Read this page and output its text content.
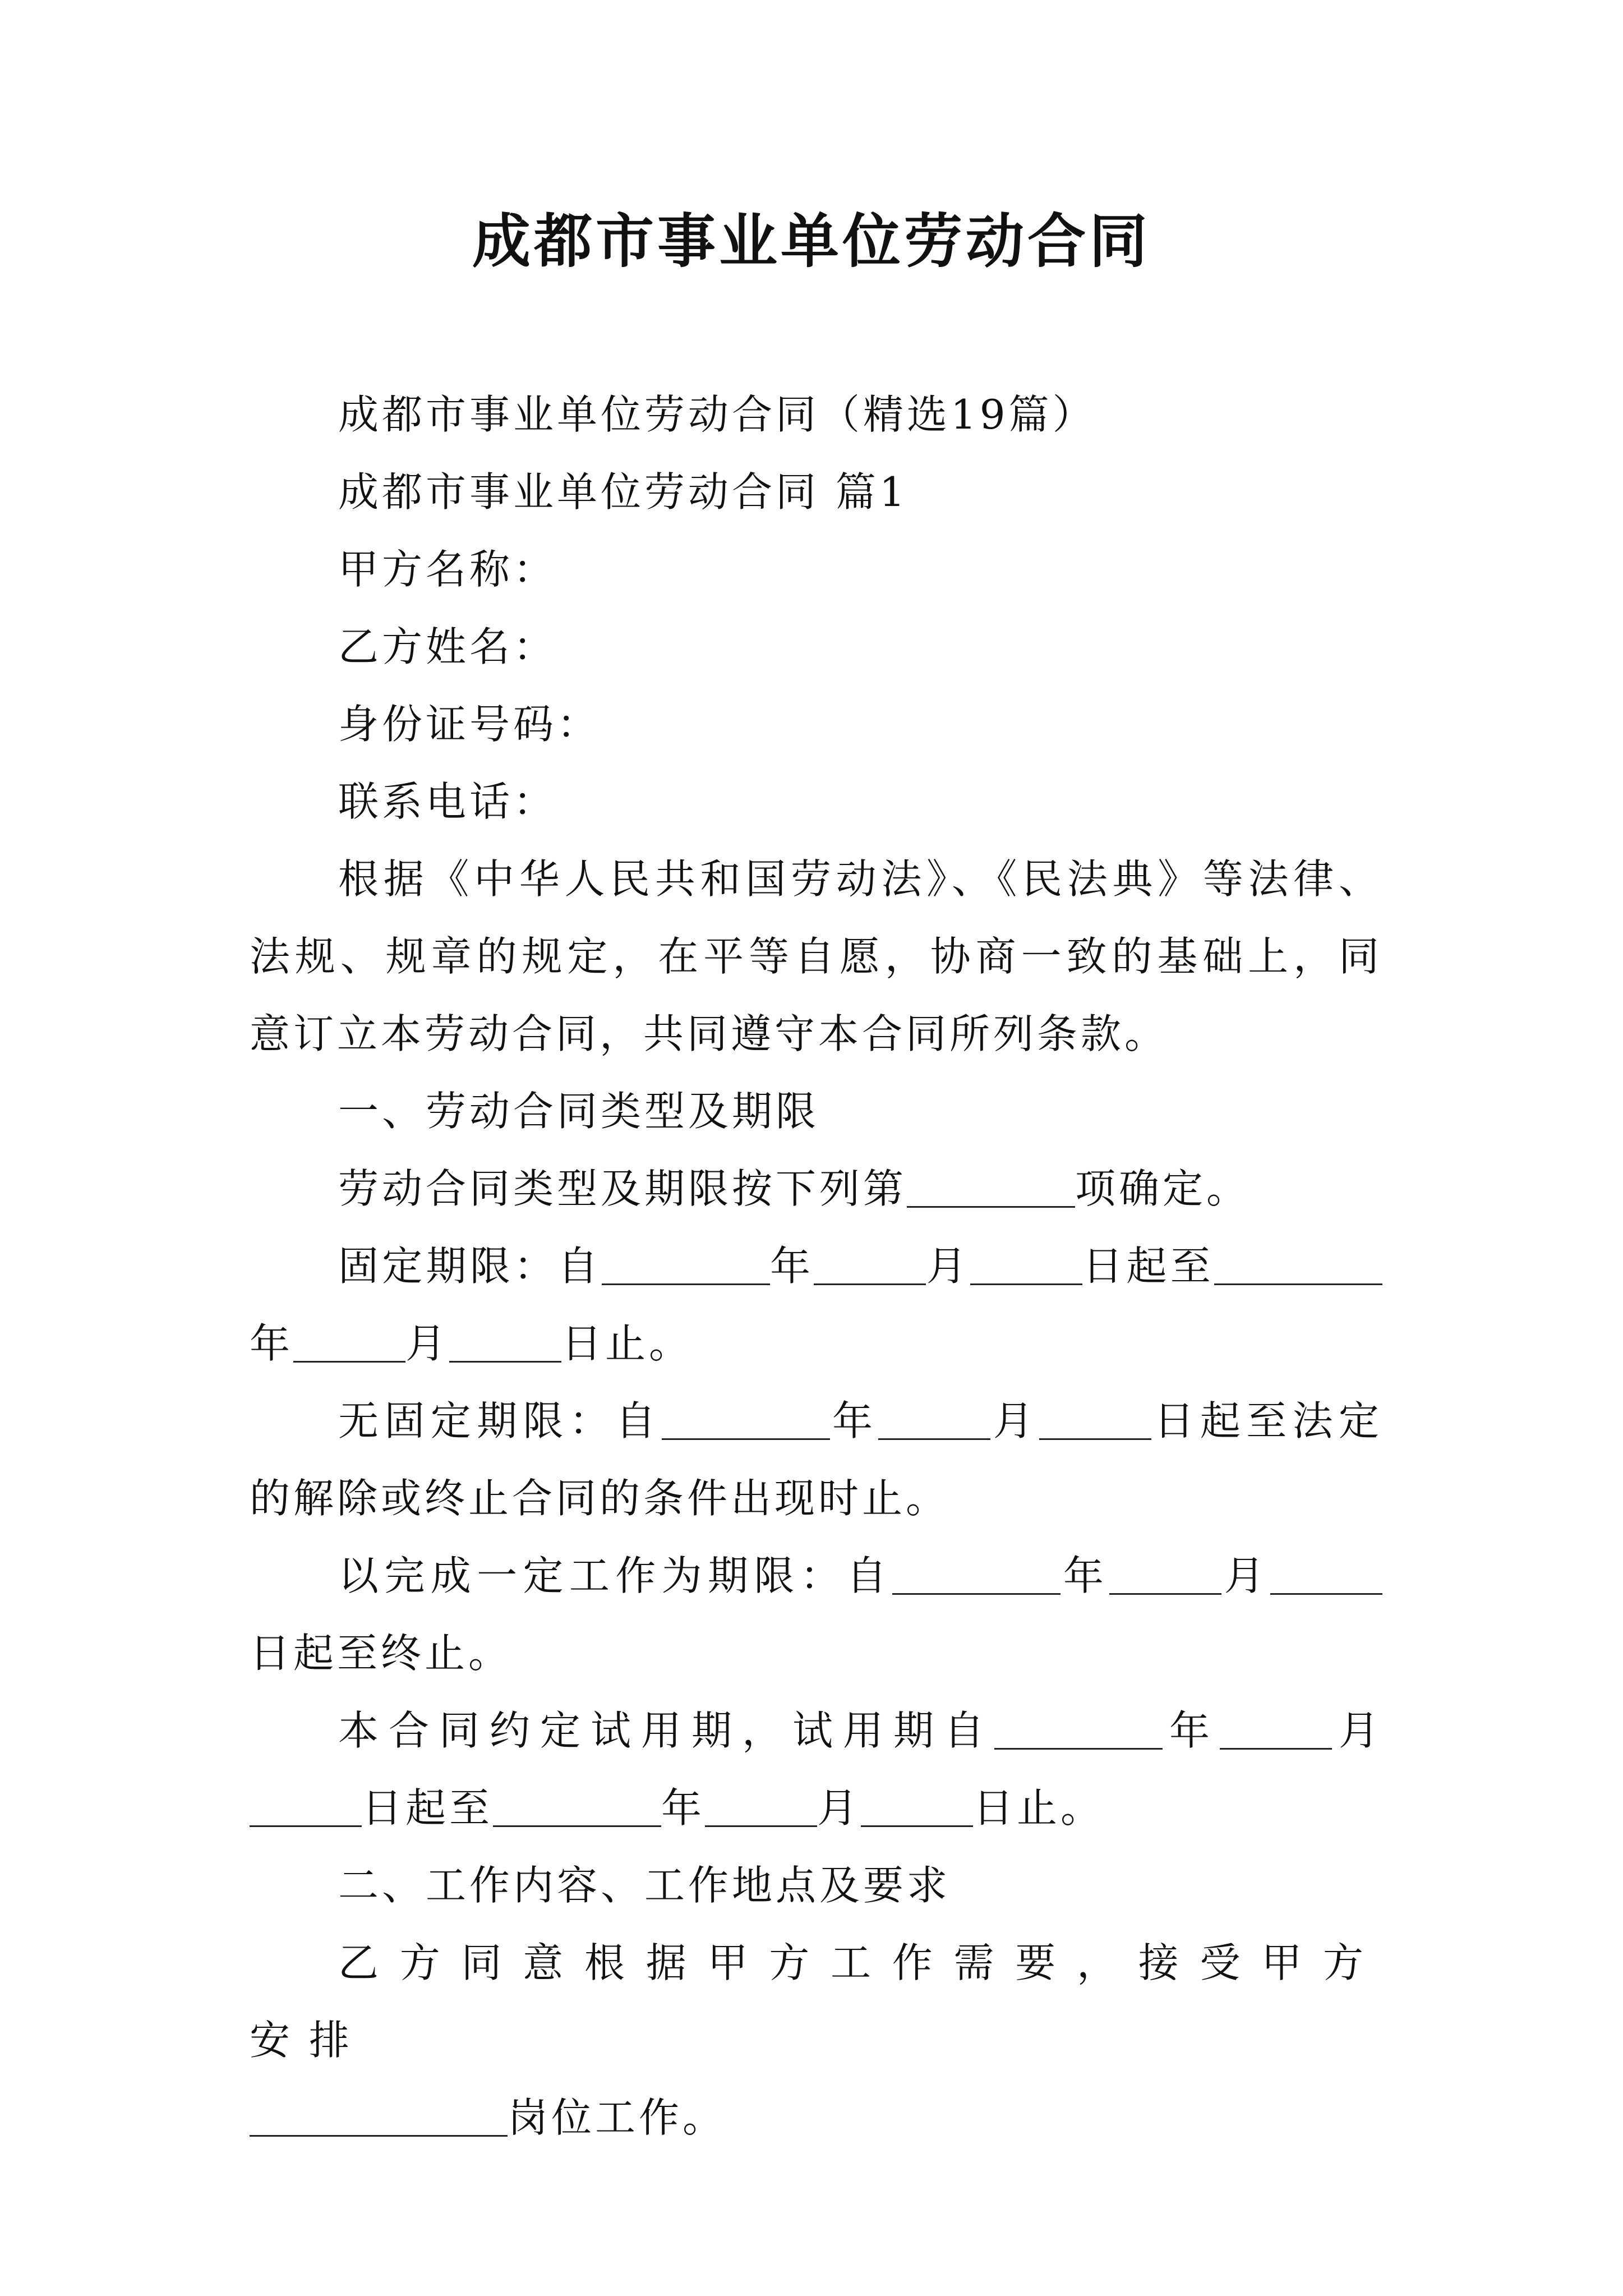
成都市事业单位劳动合同

成都市事业单位劳动合同（精选19篇）

成都市事业单位劳动合同 篇1

甲方名称：

乙方姓名：

身份证号码：

联系电话：

根据《中华人民共和国劳动法》、《民法典》等法律、法规、规章的规定，在平等自愿，协商一致的基础上，同意订立本劳动合同，共同遵守本合同所列条款。

一、劳动合同类型及期限

劳动合同类型及期限按下列第	项确定。

固定期限：自	年	月	日起至年	月	日止。

无固定期限：自	年	月	日起至法定的解除或终止合同的条件出现时止。

以完成一定工作为期限：自	年	月日起至终止。

本合同约定试用期，试用期自	年	月日起至	年	月	日止。

二、工作内容、工作地点及要求

乙方同意根据甲方工作需要，接受甲方安排
岗位工作。
